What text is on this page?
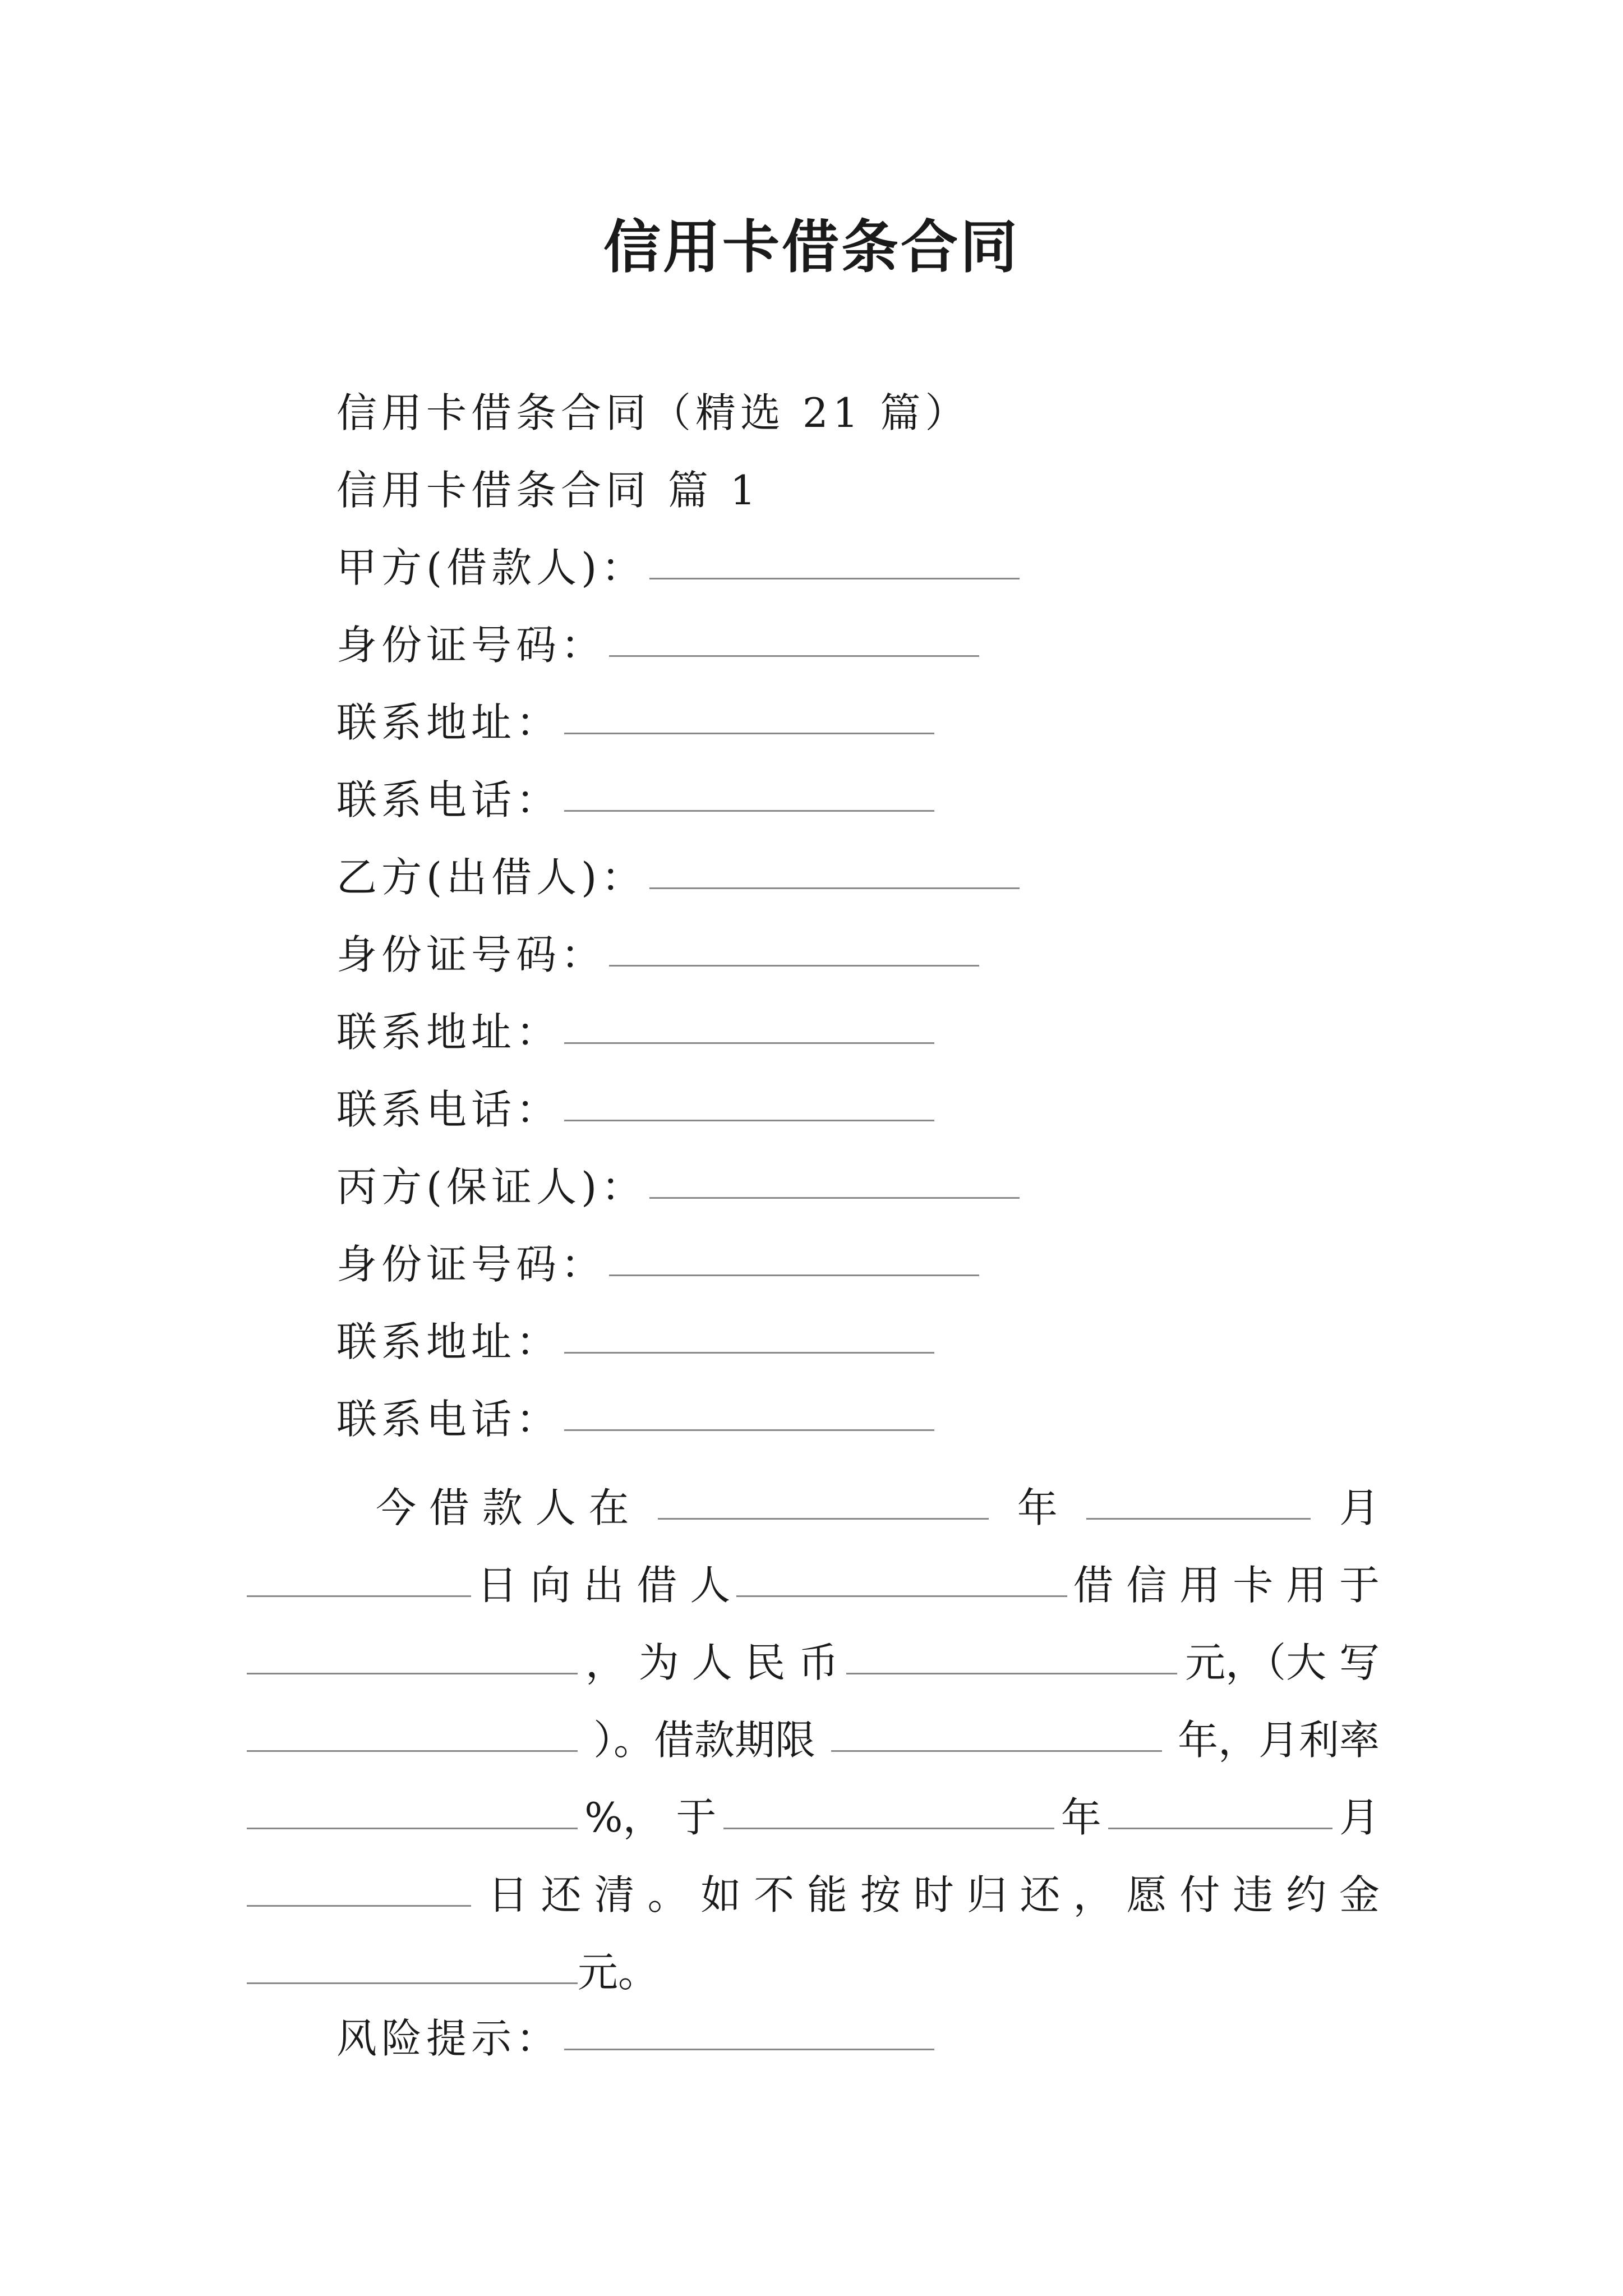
信用卡借条合同
信用卡借条合同（精选 21 篇）
信用卡借条合同 篇 1
甲方(借款人)：
身份证号码：
联系地址：
联系电话：
乙方(出借人)：
身份证号码：
联系地址：
联系电话：
丙方(保证人)：
身份证号码：
联系地址：
联系电话：
今 借 款 人 在	年	月
日 向 出 借 人	借 信 用 卡 用 于
， 为 人 民 币	元，（大 写
）。借款期限	年，月利率
%， 于	年	月
日 还 清 。 如 不 能 按 时 归 还 ， 愿 付 违 约 金
元。
风险提示：
